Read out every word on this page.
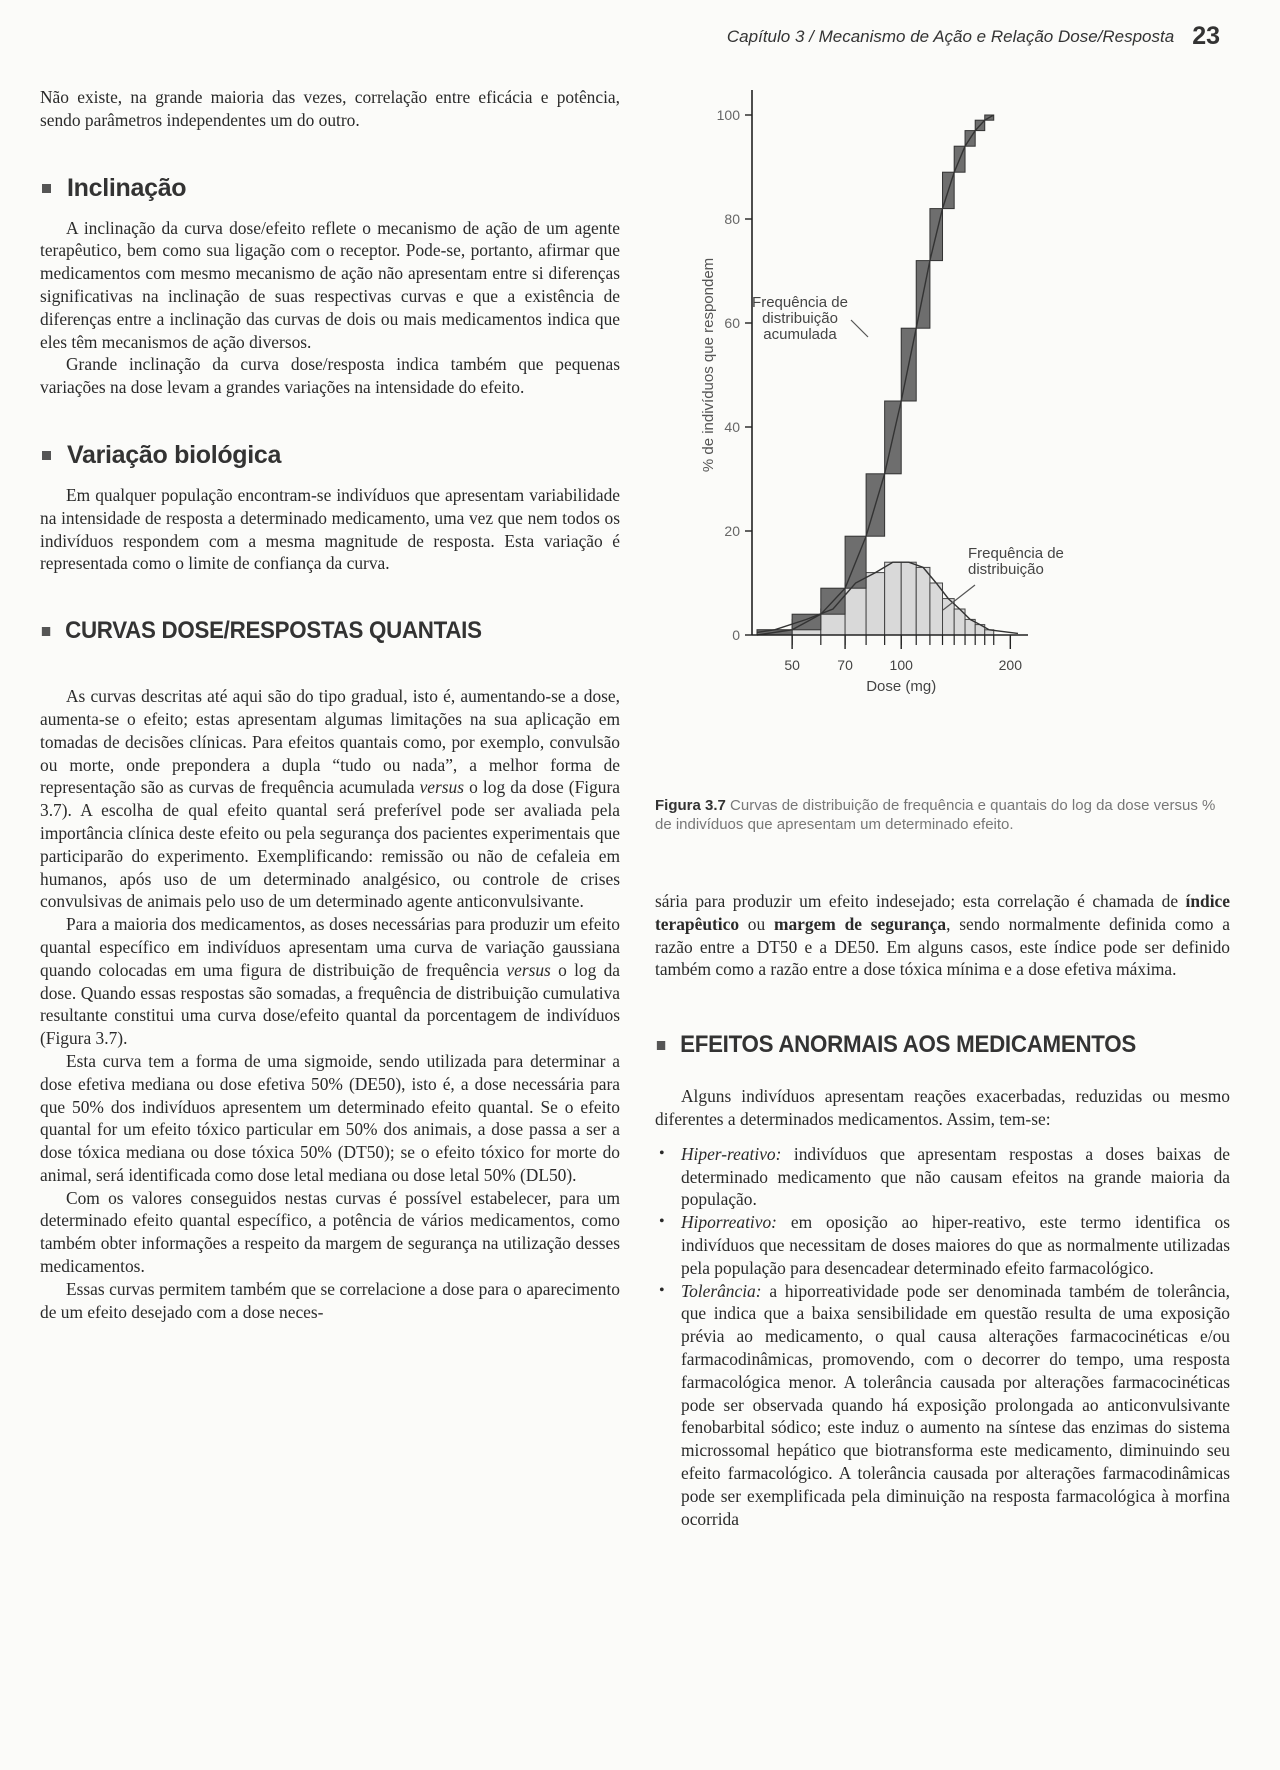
Capítulo 3 / Mecanismo de Ação e Relação Dose/Resposta 23

Não existe, na grande maioria das vezes, correlação entre eficácia e potência, sendo parâmetros independentes um do outro.

Inclinação

A inclinação da curva dose/efeito reflete o mecanismo de ação de um agente terapêutico, bem como sua ligação com o receptor. Pode-se, portanto, afirmar que medicamentos com mesmo mecanismo de ação não apresentam entre si diferenças significativas na inclinação de suas respectivas curvas e que a existência de diferenças entre a inclinação das curvas de dois ou mais medicamentos indica que eles têm mecanismos de ação diversos.

Grande inclinação da curva dose/resposta indica também que pequenas variações na dose levam a grandes variações na intensidade do efeito.

Variação biológica

Em qualquer população encontram-se indivíduos que apresentam variabilidade na intensidade de resposta a determinado medicamento, uma vez que nem todos os indivíduos respondem com a mesma magnitude de resposta. Esta variação é representada como o limite de confiança da curva.

CURVAS DOSE/RESPOSTAS QUANTAIS

As curvas descritas até aqui são do tipo gradual, isto é, aumentando-se a dose, aumenta-se o efeito; estas apresentam algumas limitações na sua aplicação em tomadas de decisões clínicas. Para efeitos quantais como, por exemplo, convulsão ou morte, onde prepondera a dupla “tudo ou nada”, a melhor forma de representação são as curvas de frequência acumulada versus o log da dose (Figura 3.7). A escolha de qual efeito quantal será preferível pode ser avaliada pela importância clínica deste efeito ou pela segurança dos pacientes experimentais que participarão do experimento. Exemplificando: remissão ou não de cefaleia em humanos, após uso de um determinado analgésico, ou controle de crises convulsivas de animais pelo uso de um determinado agente anticonvulsivante.

Para a maioria dos medicamentos, as doses necessárias para produzir um efeito quantal específico em indivíduos apresentam uma curva de variação gaussiana quando colocadas em uma figura de distribuição de frequência versus o log da dose. Quando essas respostas são somadas, a frequência de distribuição cumulativa resultante constitui uma curva dose/efeito quantal da porcentagem de indivíduos (Figura 3.7).

Esta curva tem a forma de uma sigmoide, sendo utilizada para determinar a dose efetiva mediana ou dose efetiva 50% (DE50), isto é, a dose necessária para que 50% dos indivíduos apresentem um determinado efeito quantal. Se o efeito quantal for um efeito tóxico particular em 50% dos animais, a dose passa a ser a dose tóxica mediana ou dose tóxica 50% (DT50); se o efeito tóxico for morte do animal, será identificada como dose letal mediana ou dose letal 50% (DL50).

Com os valores conseguidos nestas curvas é possível estabelecer, para um determinado efeito quantal específico, a potência de vários medicamentos, como também obter informações a respeito da margem de segurança na utilização desses medicamentos.

Essas curvas permitem também que se correlacione a dose para o aparecimento de um efeito desejado com a dose neces-

0
20
40
60
80
100
50	70	100	200
% de indivíduos que respondem
Dose (mg)
Frequência de distribuição acumulada
Frequência de distribuição
Figura 3.7 Curvas de distribuição de frequência e quantais do log da dose versus % de indivíduos que apresentam um determinado efeito.

sária para produzir um efeito indesejado; esta correlação é chamada de índice terapêutico ou margem de segurança, sendo normalmente definida como a razão entre a DT50 e a DE50. Em alguns casos, este índice pode ser definido também como a razão entre a dose tóxica mínima e a dose efetiva máxima.

EFEITOS ANORMAIS AOS MEDICAMENTOS

Alguns indivíduos apresentam reações exacerbadas, reduzidas ou mesmo diferentes a determinados medicamentos. Assim, tem-se:

• Hiper-reativo: indivíduos que apresentam respostas a doses baixas de determinado medicamento que não causam efeitos na grande maioria da população.
• Hiporreativo: em oposição ao hiper-reativo, este termo identifica os indivíduos que necessitam de doses maiores do que as normalmente utilizadas pela população para desencadear determinado efeito farmacológico.
• Tolerância: a hiporreatividade pode ser denominada também de tolerância, que indica que a baixa sensibilidade em questão resulta de uma exposição prévia ao medicamento, o qual causa alterações farmacocinéticas e/ou farmacodinâmicas, promovendo, com o decorrer do tempo, uma resposta farmacológica menor. A tolerância causada por alterações farmacocinéticas pode ser observada quando há exposição prolongada ao anticonvulsivante fenobarbital sódico; este induz o aumento na síntese das enzimas do sistema microssomal hepático que biotransforma este medicamento, diminuindo seu efeito farmacológico. A tolerância causada por alterações farmacodinâmicas pode ser exemplificada pela diminuição na resposta farmacológica à morfina ocorrida
